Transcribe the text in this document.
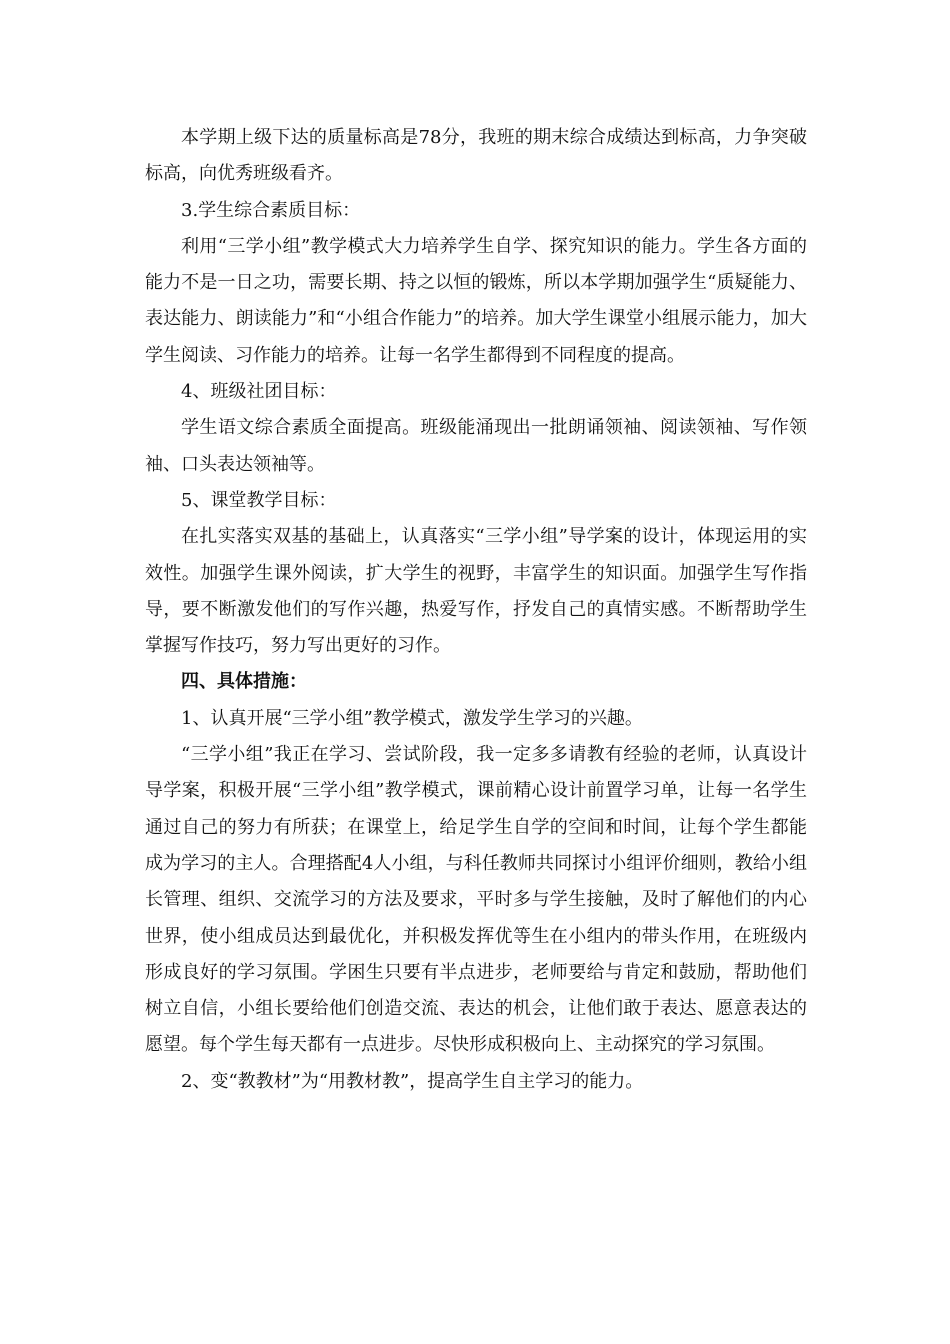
本学期上级下达的质量标高是78分，我班的期末综合成绩达到标高，力争突破标高，向优秀班级看齐。

3.学生综合素质目标：

利用“三学小组”教学模式大力培养学生自学、探究知识的能力。学生各方面的能力不是一日之功，需要长期、持之以恒的锻炼，所以本学期加强学生“质疑能力、表达能力、朗读能力”和“小组合作能力”的培养。加大学生课堂小组展示能力，加大学生阅读、习作能力的培养。让每一名学生都得到不同程度的提高。

4、班级社团目标：

学生语文综合素质全面提高。班级能涌现出一批朗诵领袖、阅读领袖、写作领袖、口头表达领袖等。

5、课堂教学目标：

在扎实落实双基的基础上，认真落实“三学小组”导学案的设计，体现运用的实效性。加强学生课外阅读，扩大学生的视野，丰富学生的知识面。加强学生写作指导，要不断激发他们的写作兴趣，热爱写作，抒发自己的真情实感。不断帮助学生掌握写作技巧，努力写出更好的习作。

四、具体措施：

1、认真开展“三学小组”教学模式，激发学生学习的兴趣。

“三学小组”我正在学习、尝试阶段，我一定多多请教有经验的老师，认真设计导学案，积极开展“三学小组”教学模式，课前精心设计前置学习单，让每一名学生通过自己的努力有所获；在课堂上，给足学生自学的空间和时间，让每个学生都能成为学习的主人。合理搭配4人小组，与科任教师共同探讨小组评价细则，教给小组长管理、组织、交流学习的方法及要求，平时多与学生接触，及时了解他们的内心世界，使小组成员达到最优化，并积极发挥优等生在小组内的带头作用，在班级内形成良好的学习氛围。学困生只要有半点进步，老师要给与肯定和鼓励，帮助他们树立自信，小组长要给他们创造交流、表达的机会，让他们敢于表达、愿意表达的愿望。每个学生每天都有一点进步。尽快形成积极向上、主动探究的学习氛围。

2、变“教教材”为“用教材教”，提高学生自主学习的能力。
